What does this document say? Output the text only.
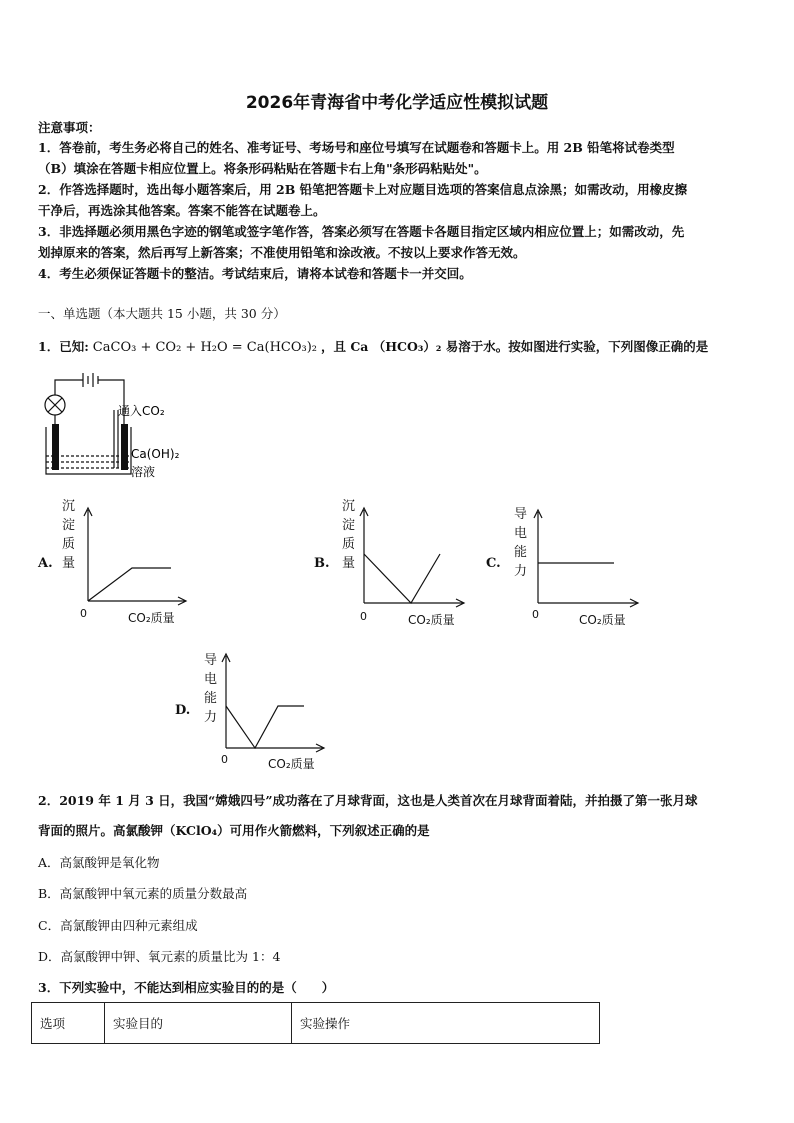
2026年青海省中考化学适应性模拟试题
注意事项：
1．答卷前，考生务必将自己的姓名、准考证号、考场号和座位号填写在试题卷和答题卡上。用 2B 铅笔将试卷类型
（B）填涂在答题卡相应位置上。将条形码粘贴在答题卡右上角"条形码粘贴处"。
2．作答选择题时，选出每小题答案后，用 2B 铅笔把答题卡上对应题目选项的答案信息点涂黑；如需改动，用橡皮擦
干净后，再选涂其他答案。答案不能答在试题卷上。
3．非选择题必须用黑色字迹的钢笔或签字笔作答，答案必须写在答题卡各题目指定区域内相应位置上；如需改动，先
划掉原来的答案，然后再写上新答案；不准使用铅笔和涂改液。不按以上要求作答无效。
4．考生必须保证答题卡的整洁。考试结束后，请将本试卷和答题卡一并交回。
一、单选题（本大题共 15 小题，共 30 分）
1．已知: CaCO₃ + CO₂ + H₂O = Ca(HCO₃)₂ ，且 Ca （HCO₃）₂ 易溶于水。按如图进行实验，下列图像正确的是
通入CO₂
Ca(OH)₂
溶液
A.
沉
淀
质
量
0	CO₂质量
B.
沉
淀
质
量
0	CO₂质量
C.
导
电
能
力
0	CO₂质量
D.
导
电
能
力
0	CO₂质量
2．2019 年 1 月 3 日，我国“嫦娥四号”成功落在了月球背面，这也是人类首次在月球背面着陆，并拍摄了第一张月球
背面的照片。高氯酸钾（KClO₄）可用作火箭燃料，下列叙述正确的是
A．高氯酸钾是氧化物
B．高氯酸钾中氧元素的质量分数最高
C．高氯酸钾由四种元素组成
D．高氯酸钾中钾、氧元素的质量比为 1：4
3．下列实验中，不能达到相应实验目的的是（　　）
选项	实验目的	实验操作
